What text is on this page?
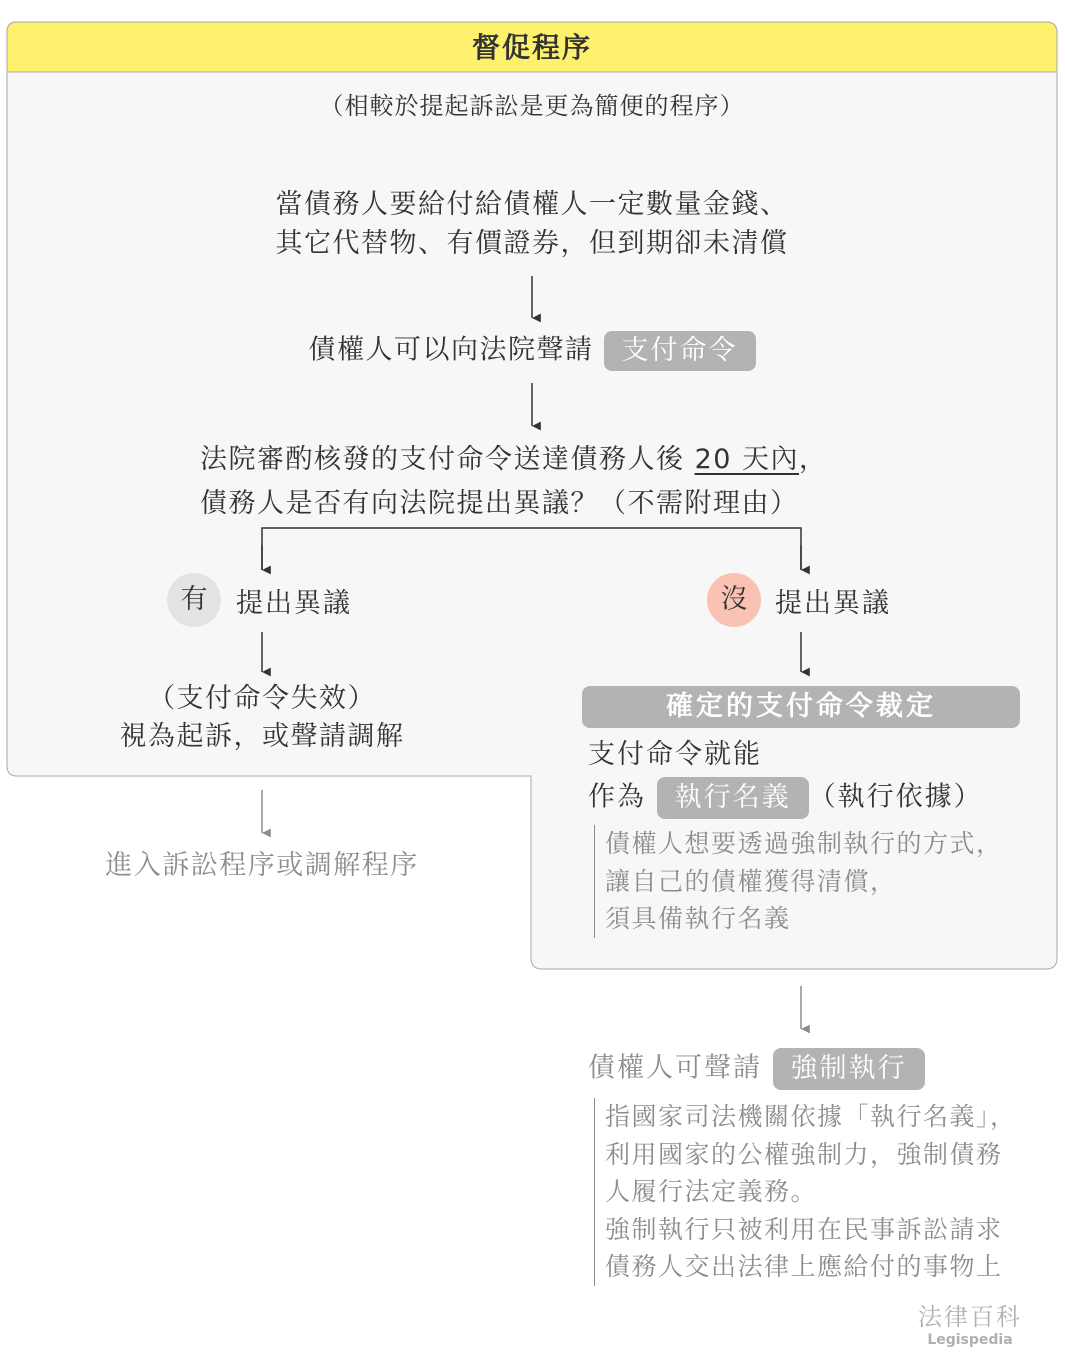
督促程序
（相較於提起訴訟是更為簡便的程序）
當債務人要給付給債權人一定數量金錢、
其它代替物、有價證券，但到期卻未清償
債權人可以向法院聲請 支付命令
法院審酌核發的支付命令送達債務人後 20 天內，
債務人是否有向法院提出異議？（不需附理由）
有	提出異議
（支付命令失效）
視為起訴，或聲請調解
進入訴訟程序或調解程序
沒	提出異議
確定的支付命令裁定
支付命令就能
作為 執行名義 （執行依據）
債權人想要透過強制執行的方式，
讓自己的債權獲得清償，
須具備執行名義
債權人可聲請 強制執行
指國家司法機關依據「執行名義」，
利用國家的公權強制力，強制債務
人履行法定義務。
強制執行只被利用在民事訴訟請求
債務人交出法律上應給付的事物上
法律百科
Legispedia
